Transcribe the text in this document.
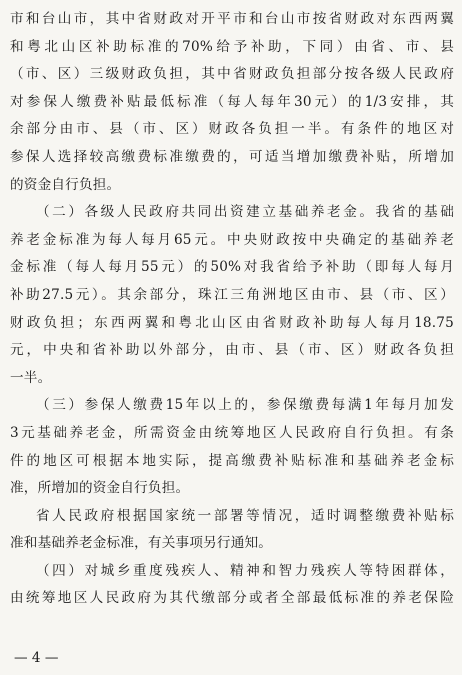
市和台山市，其中省财政对开平市和台山市按省财政对东西两翼
和粤北山区补助标准的70%给予补助，下同）由省、市、县
（市、区）三级财政负担，其中省财政负担部分按各级人民政府
对参保人缴费补贴最低标准（每人每年30元）的1/3安排，其
余部分由市、县（市、区）财政各负担一半。有条件的地区对
参保人选择较高缴费标准缴费的，可适当增加缴费补贴，所增加
的资金自行负担。
（二）各级人民政府共同出资建立基础养老金。我省的基础
养老金标准为每人每月65元。中央财政按中央确定的基础养老
金标准（每人每月55元）的50%对我省给予补助（即每人每月
补助27.5元）。其余部分，珠江三角洲地区由市、县（市、区）
财政负担；东西两翼和粤北山区由省财政补助每人每月18.75
元，中央和省补助以外部分，由市、县（市、区）财政各负担
一半。
（三）参保人缴费15年以上的，参保缴费每满1年每月加发
3元基础养老金，所需资金由统筹地区人民政府自行负担。有条
件的地区可根据本地实际，提高缴费补贴标准和基础养老金标
准，所增加的资金自行负担。
省人民政府根据国家统一部署等情况，适时调整缴费补贴标
准和基础养老金标准，有关事项另行通知。
（四）对城乡重度残疾人、精神和智力残疾人等特困群体，
由统筹地区人民政府为其代缴部分或者全部最低标准的养老保险
— 4 —
